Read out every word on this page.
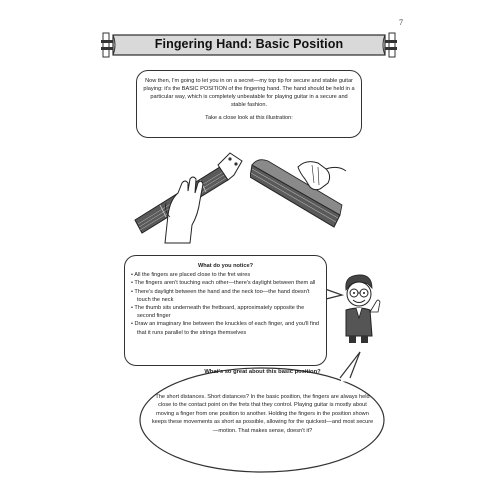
7
Fingering Hand: Basic Position

Now then, I'm going to let you in on a secret—my top tip for secure and stable guitar playing: it's the BASIC POSITION of the fingering hand. The hand should be held in a particular way, which is completely unbeatable for playing guitar in a secure and stable fashion.

Take a close look at this illustration:

What do you notice?
• All the fingers are placed close to the fret wires
• The fingers aren't touching each other—there's daylight between them all
• There's daylight between the hand and the neck too—the hand doesn't touch the neck
• The thumb sits underneath the fretboard, approximately opposite the second finger
• Draw an imaginary line between the knuckles of each finger, and you'll find that it runs parallel to the strings themselves
What's so great about this basic position?
The short distances. Short distances? In the basic position, the fingers are always held close to the contact point on the frets that they control. Playing guitar is mostly about moving a finger from one position to another. Holding the fingers in the position shown keeps these movements as short as possible, allowing for the quickest—and most secure—motion. That makes sense, doesn't it?
